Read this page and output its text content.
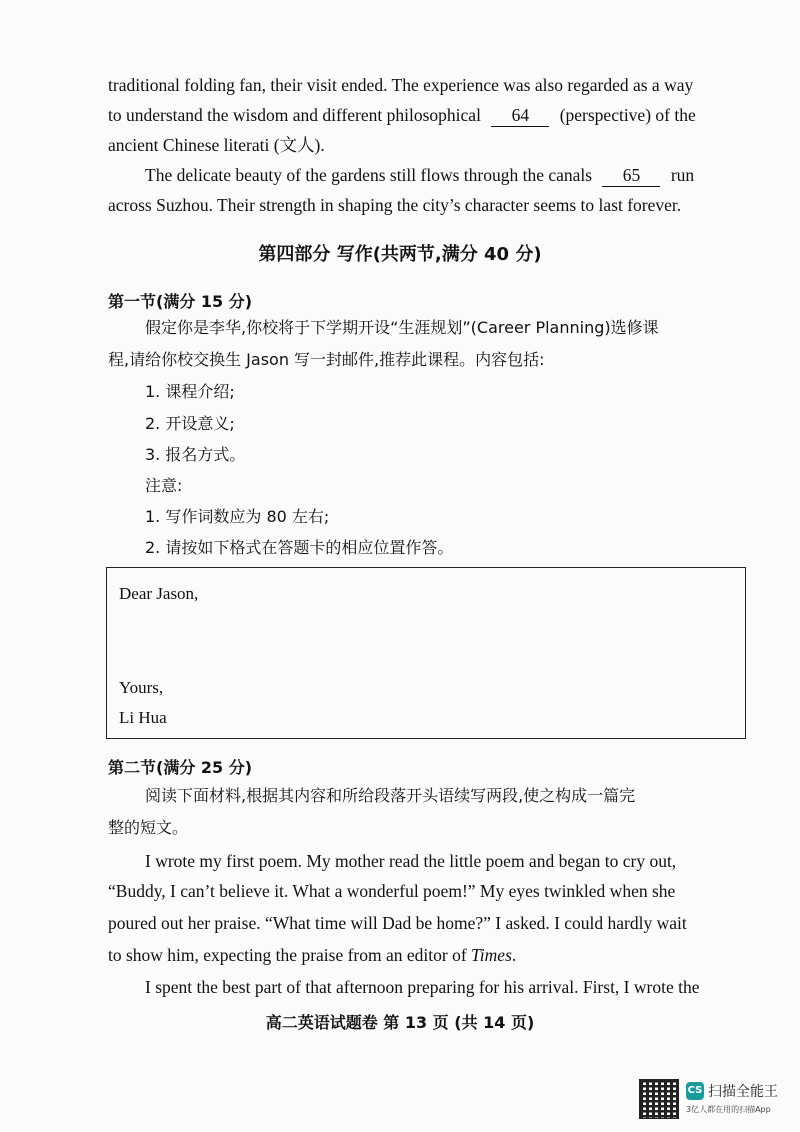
traditional folding fan, their visit ended. The experience was also regarded as a way
to understand the wisdom and different philosophical 64 (perspective) of the
ancient Chinese literati (文人).
The delicate beauty of the gardens still flows through the canals 65 run
across Suzhou. Their strength in shaping the city’s character seems to last forever.
第四部分 写作(共两节,满分 40 分)
第一节(满分 15 分)
假定你是李华,你校将于下学期开设“生涯规划”(Career Planning)选修课
程,请给你校交换生 Jason 写一封邮件,推荐此课程。内容包括:
1. 课程介绍;
2. 开设意义;
3. 报名方式。
注意:
1. 写作词数应为 80 左右;
2. 请按如下格式在答题卡的相应位置作答。
Dear Jason,
Yours,
Li Hua
第二节(满分 25 分)
阅读下面材料,根据其内容和所给段落开头语续写两段,使之构成一篇完
整的短文。
I wrote my first poem. My mother read the little poem and began to cry out,
“Buddy, I can’t believe it. What a wonderful poem!” My eyes twinkled when she
poured out her praise. “What time will Dad be home?” I asked. I could hardly wait
to show him, expecting the praise from an editor of Times.
I spent the best part of that afternoon preparing for his arrival. First, I wrote the
高二英语试题卷 第 13 页 (共 14 页)
CS 扫描全能王
3亿人都在用的扫描App
